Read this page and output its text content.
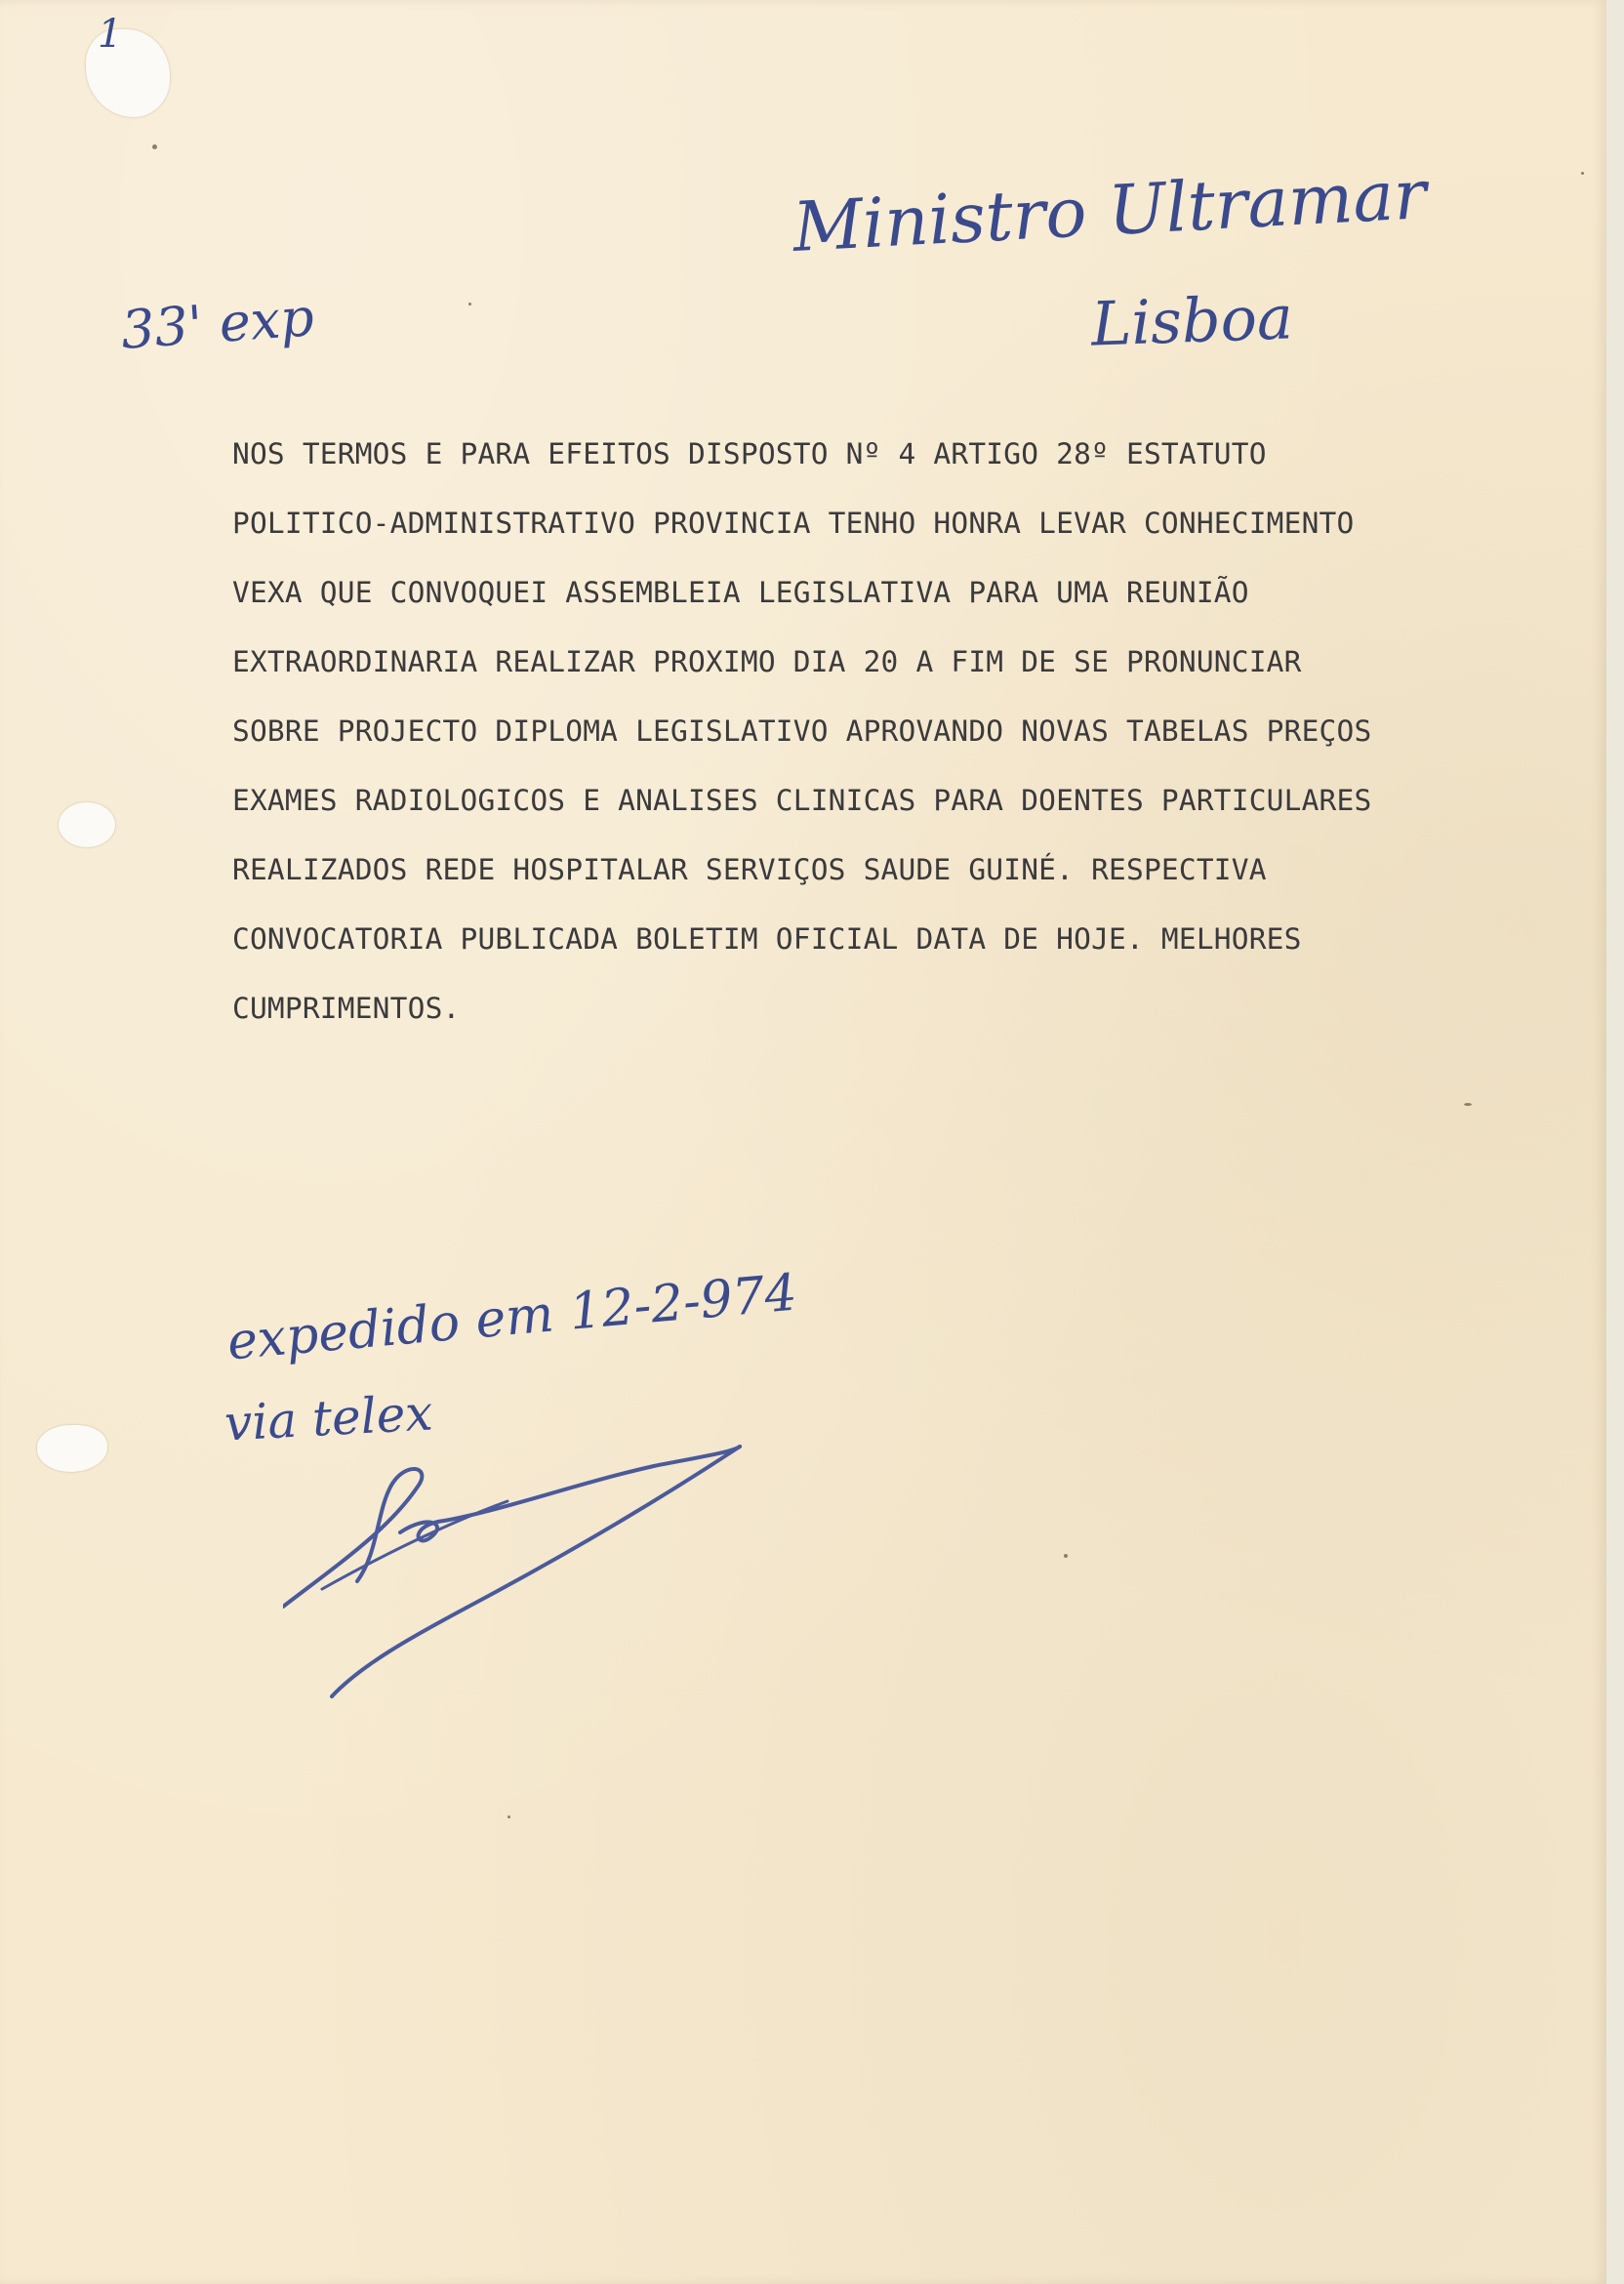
1
33' exp
Ministro Ultramar
Lisboa
NOS TERMOS E PARA EFEITOS DISPOSTO Nº 4 ARTIGO 28º ESTATUTO
POLITICO-ADMINISTRATIVO PROVINCIA TENHO HONRA LEVAR CONHECIMENTO
VEXA QUE CONVOQUEI ASSEMBLEIA LEGISLATIVA PARA UMA REUNIÃO
EXTRAORDINARIA REALIZAR PROXIMO DIA 20 A FIM DE SE PRONUNCIAR
SOBRE PROJECTO DIPLOMA LEGISLATIVO APROVANDO NOVAS TABELAS PREÇOS
EXAMES RADIOLOGICOS E ANALISES CLINICAS PARA DOENTES PARTICULARES
REALIZADOS REDE HOSPITALAR SERVIÇOS SAUDE GUINÉ. RESPECTIVA
CONVOCATORIA PUBLICADA BOLETIM OFICIAL DATA DE HOJE. MELHORES
CUMPRIMENTOS.
expedido em 12-2-974
via telex
